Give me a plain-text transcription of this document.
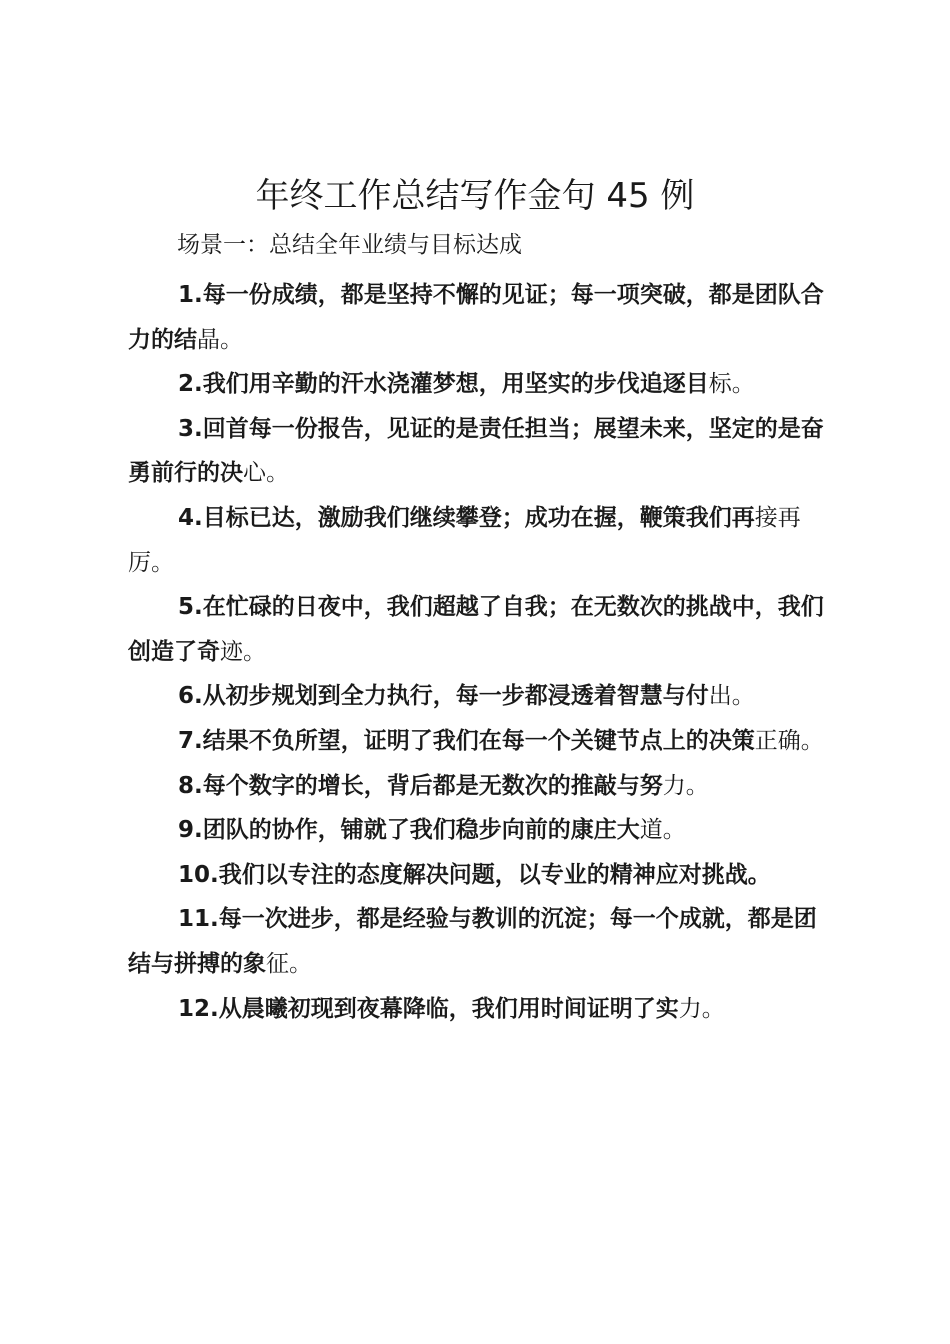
年终工作总结写作金句 45 例

场景一：总结全年业绩与目标达成

1.每一份成绩，都是坚持不懈的见证；每一项突破，都是团队合力的结晶。

2.我们用辛勤的汗水浇灌梦想，用坚实的步伐追逐目标。

3.回首每一份报告，见证的是责任担当；展望未来，坚定的是奋勇前行的决心。

4.目标已达，激励我们继续攀登；成功在握，鞭策我们再接再厉。

5.在忙碌的日夜中，我们超越了自我；在无数次的挑战中，我们创造了奇迹。

6.从初步规划到全力执行，每一步都浸透着智慧与付出。

7.结果不负所望，证明了我们在每一个关键节点上的决策正确。

8.每个数字的增长，背后都是无数次的推敲与努力。

9.团队的协作，铺就了我们稳步向前的康庄大道。

10.我们以专注的态度解决问题，以专业的精神应对挑战。

11.每一次进步，都是经验与教训的沉淀；每一个成就，都是团结与拼搏的象征。

12.从晨曦初现到夜幕降临，我们用时间证明了实力。
